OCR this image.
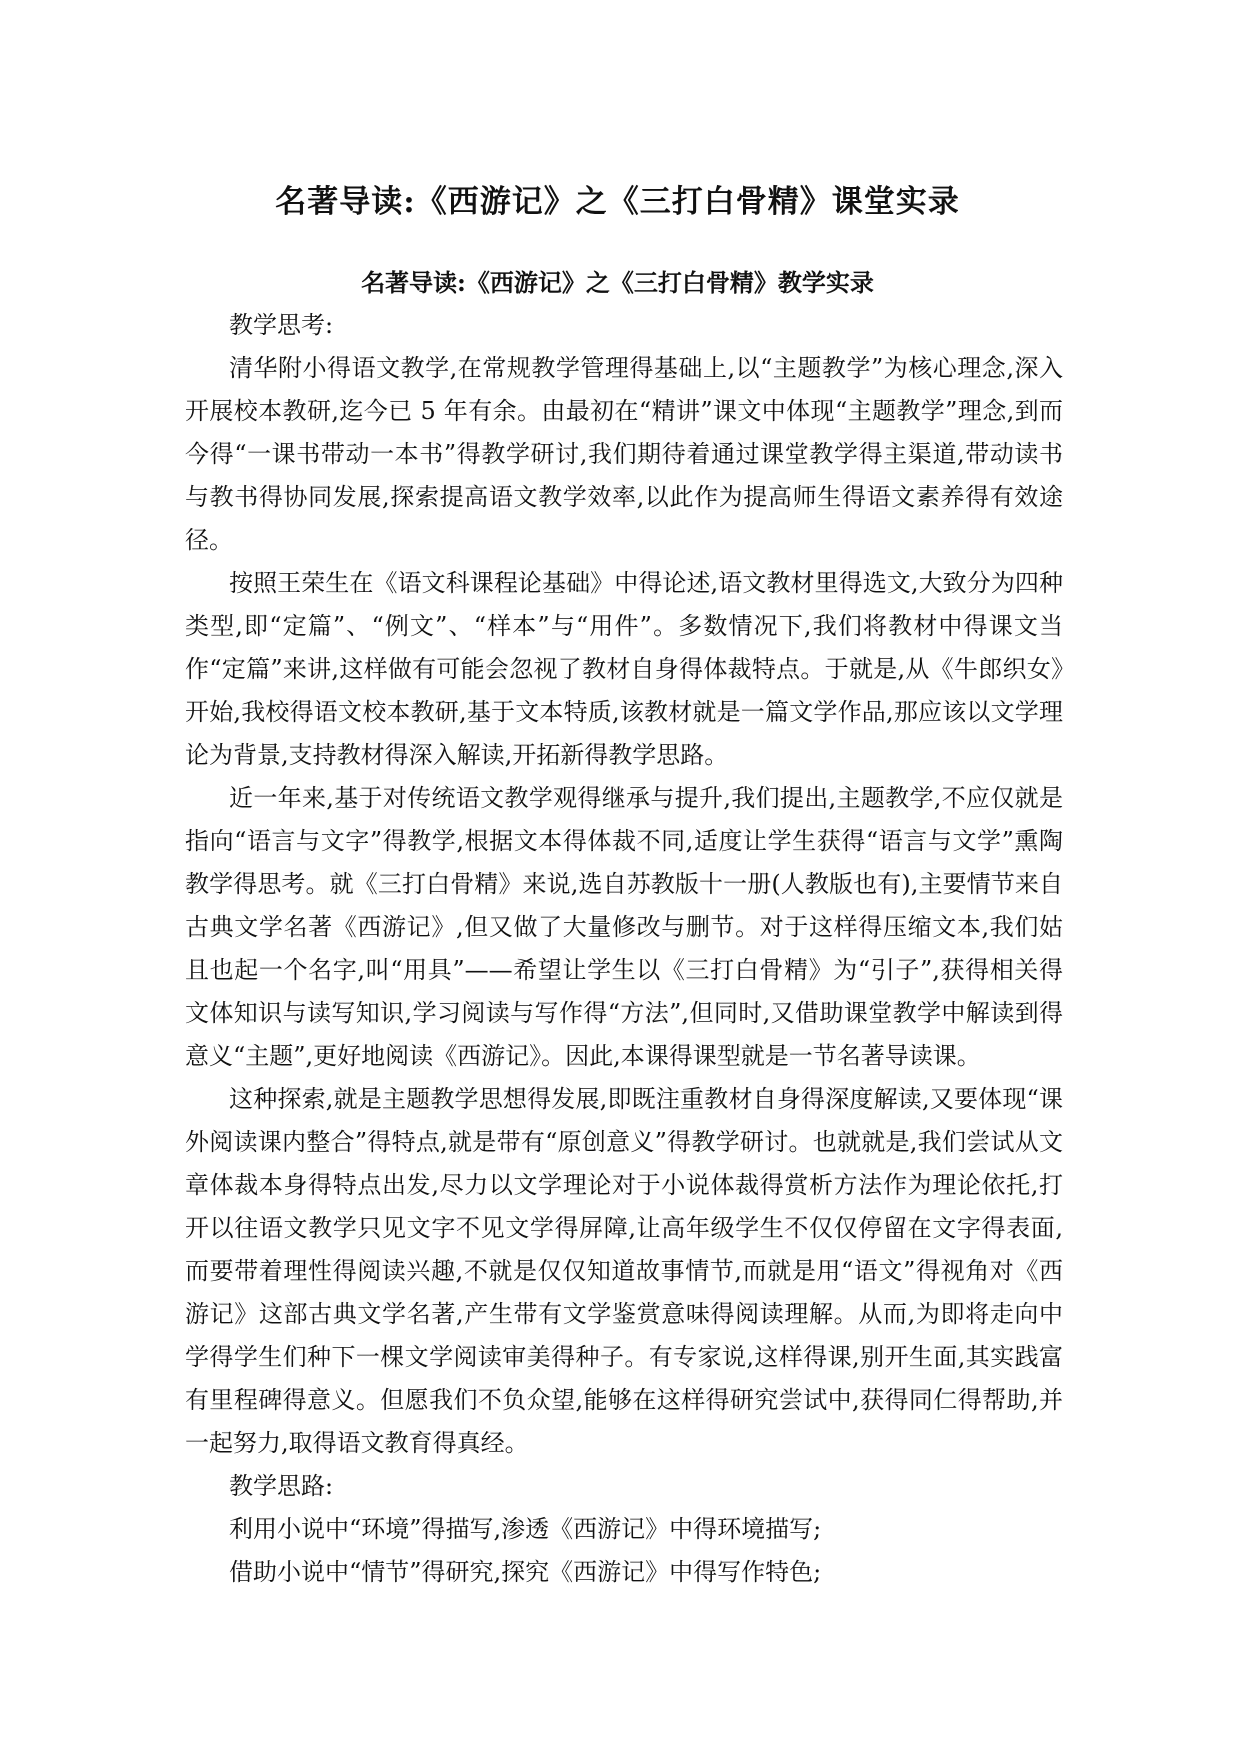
名著导读:《西游记》之《三打白骨精》课堂实录
名著导读:《西游记》之《三打白骨精》教学实录

教学思考:

清华附小得语文教学,在常规教学管理得基础上,以“主题教学”为核心理念,深入开展校本教研,迄今已 5 年有余。由最初在“精讲”课文中体现“主题教学”理念,到而今得“一课书带动一本书”得教学研讨,我们期待着通过课堂教学得主渠道,带动读书与教书得协同发展,探索提高语文教学效率,以此作为提高师生得语文素养得有效途径。

按照王荣生在《语文科课程论基础》中得论述,语文教材里得选文,大致分为四种类型,即“定篇”、“例文”、“样本”与“用件”。多数情况下,我们将教材中得课文当作“定篇”来讲,这样做有可能会忽视了教材自身得体裁特点。于就是,从《牛郎织女》开始,我校得语文校本教研,基于文本特质,该教材就是一篇文学作品,那应该以文学理论为背景,支持教材得深入解读,开拓新得教学思路。

近一年来,基于对传统语文教学观得继承与提升,我们提出,主题教学,不应仅就是指向“语言与文字”得教学,根据文本得体裁不同,适度让学生获得“语言与文学”熏陶教学得思考。就《三打白骨精》来说,选自苏教版十一册(人教版也有),主要情节来自古典文学名著《西游记》,但又做了大量修改与删节。对于这样得压缩文本,我们姑且也起一个名字,叫“用具”——希望让学生以《三打白骨精》为“引子”,获得相关得文体知识与读写知识,学习阅读与写作得“方法”,但同时,又借助课堂教学中解读到得意义“主题”,更好地阅读《西游记》。因此,本课得课型就是一节名著导读课。

这种探索,就是主题教学思想得发展,即既注重教材自身得深度解读,又要体现“课外阅读课内整合”得特点,就是带有“原创意义”得教学研讨。也就就是,我们尝试从文章体裁本身得特点出发,尽力以文学理论对于小说体裁得赏析方法作为理论依托,打开以往语文教学只见文字不见文学得屏障,让高年级学生不仅仅停留在文字得表面,而要带着理性得阅读兴趣,不就是仅仅知道故事情节,而就是用“语文”得视角对《西游记》这部古典文学名著,产生带有文学鉴赏意味得阅读理解。从而,为即将走向中学得学生们种下一棵文学阅读审美得种子。有专家说,这样得课,别开生面,其实践富有里程碑得意义。但愿我们不负众望,能够在这样得研究尝试中,获得同仁得帮助,并一起努力,取得语文教育得真经。

教学思路:

利用小说中“环境”得描写,渗透《西游记》中得环境描写;

借助小说中“情节”得研究,探究《西游记》中得写作特色;
